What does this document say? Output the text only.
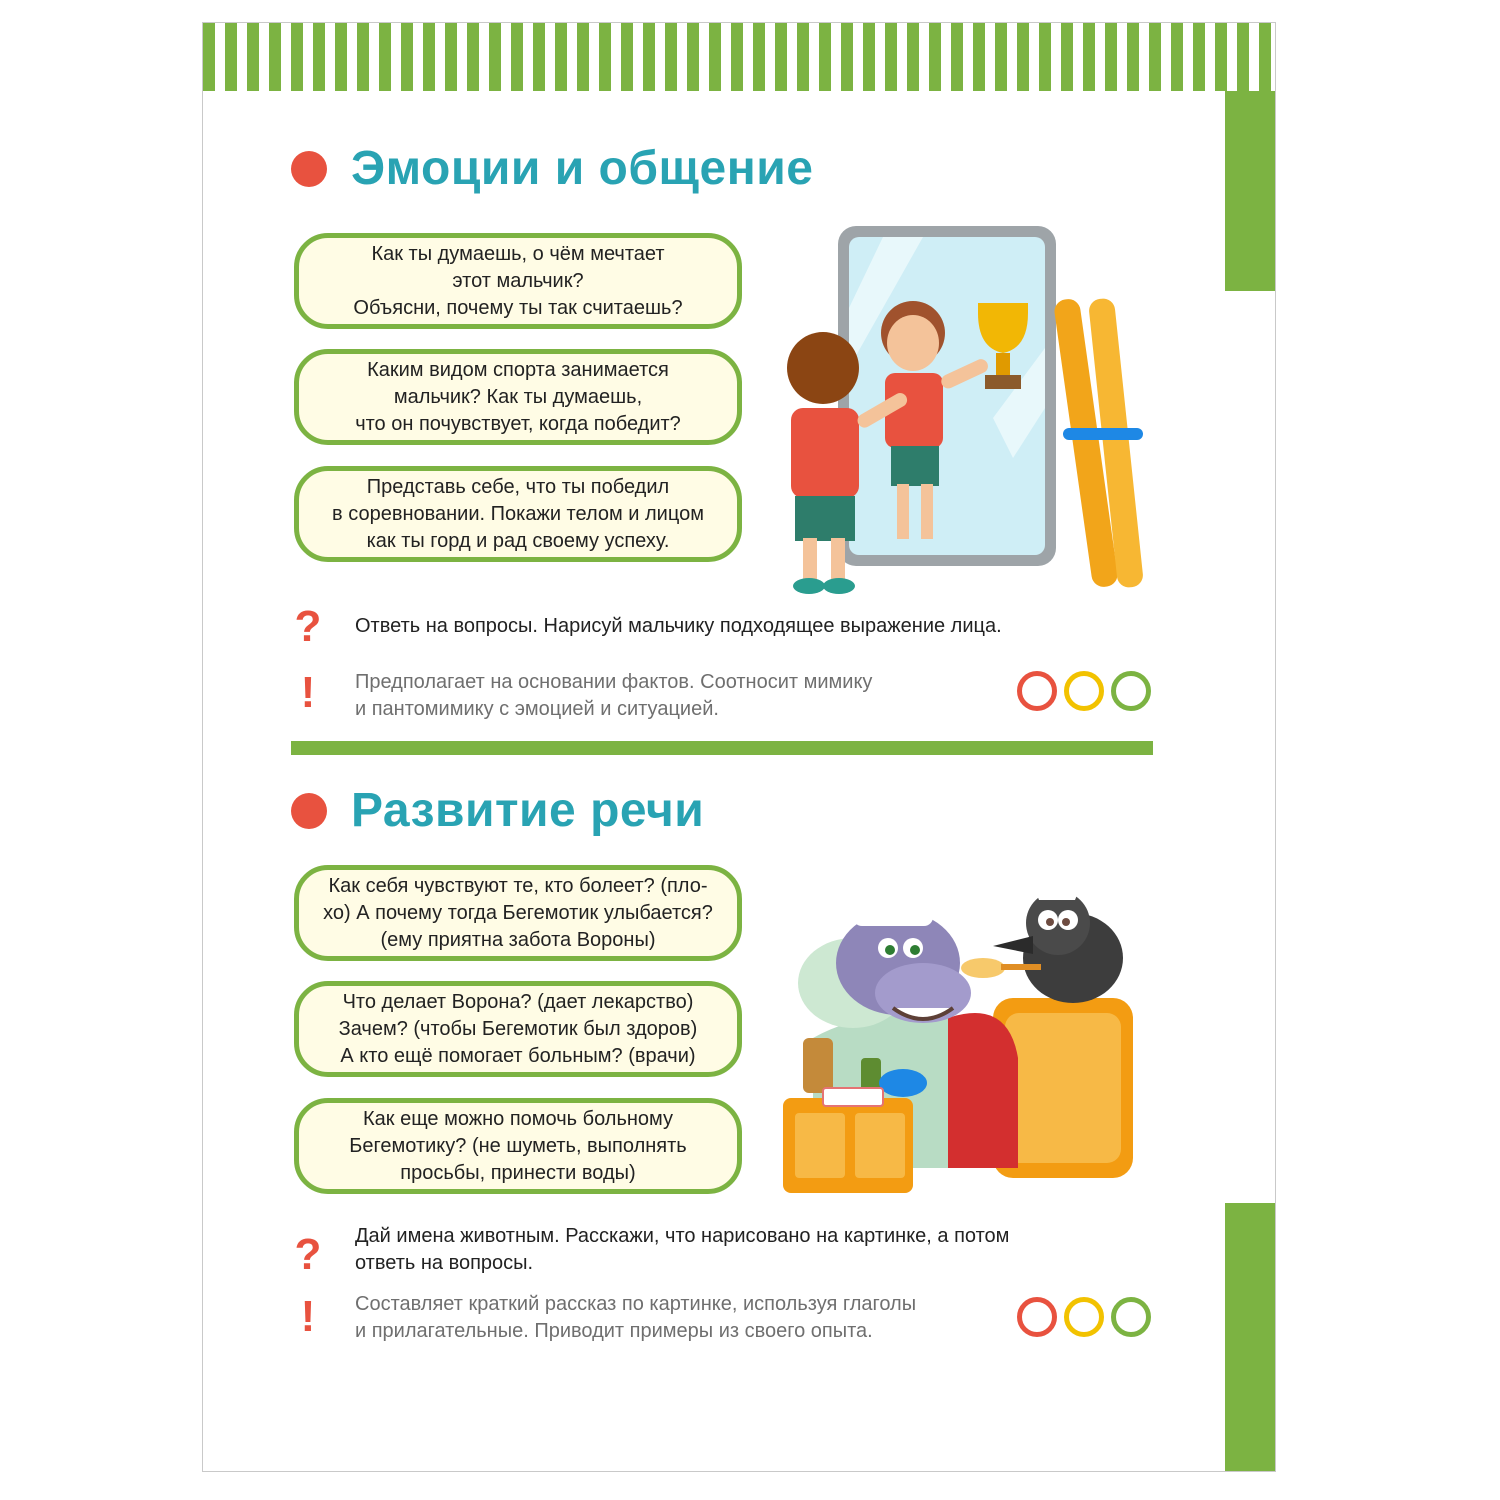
Эмоции и общение
Как ты думаешь, о чём мечтает
этот мальчик?
Объясни, почему ты так считаешь?
Каким видом спорта занимается
мальчик? Как ты думаешь,
что он почувствует, когда победит?
Представь себе, что ты победил
в соревновании. Покажи телом и лицом
как ты горд и рад своему успеху.
? Ответь на вопросы. Нарисуй мальчику подходящее выражение лица.
!	Предполагает на основании фактов. Соотносит мимику
и пантомимику с эмоцией и ситуацией.
Развитие речи
Как себя чувствуют те, кто болеет? (пло-
хо) А почему тогда Бегемотик улыбается?
(ему приятна забота Вороны)
Что делает Ворона? (дает лекарство)
Зачем? (чтобы Бегемотик был здоров)
А кто ещё помогает больным? (врачи)
Как еще можно помочь больному
Бегемотику? (не шуметь, выполнять
просьбы, принести воды)
? Дай имена животным. Расскажи, что нарисовано на картинке, а потом
ответь на вопросы.
!	Составляет краткий рассказ по картинке, используя глаголы
и прилагательные. Приводит примеры из своего опыта.
